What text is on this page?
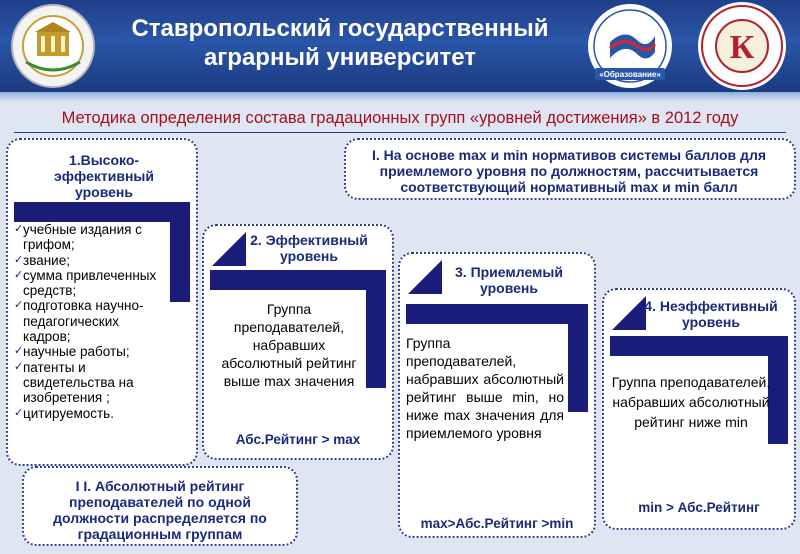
Ставропольский государственный
аграрный университет
«Образование»
К
Методика определения состава градационных групп «уровней достижения» в 2012 году
I. На основе max и min нормативов системы баллов для приемлемого уровня по должностям, рассчитывается соответствующий нормативный max и min балл
1.Высоко-эффективный уровень
✓ учебные издания с грифом;
✓ звание;
✓ сумма привлеченных средств;
✓ подготовка научно-педагогических кадров;
✓ научные работы;
✓ патенты и свидетельства на изобретения ;
✓ цитируемость.
2. Эффективный уровень
Группа преподавателей, набравших абсолютный рейтинг выше max значения
Абс.Рейтинг > max
3. Приемлемый уровень
Группа преподавателей, набравших абсолютный рейтинг выше min, но ниже max значения для приемлемого уровня
max>Абс.Рейтинг >min
4. Неэффективный уровень
Группа преподавателей, набравших абсолютный рейтинг ниже min
min > Абс.Рейтинг
I I. Абсолютный рейтинг преподавателей по одной должности распределяется по градационным группам
